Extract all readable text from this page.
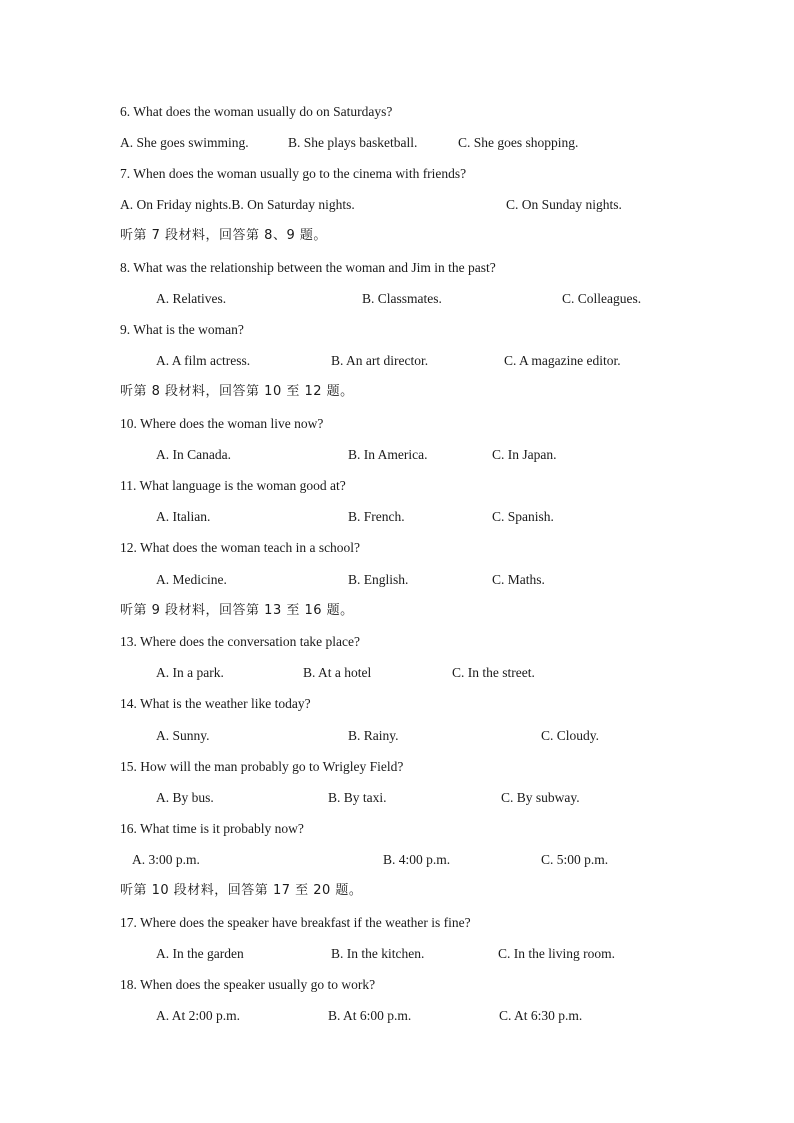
6. What does the woman usually do on Saturdays?
A. She goes swimming.	B. She plays basketball.	C. She goes shopping.
7. When does the woman usually go to the cinema with friends?
A. On Friday nights.B. On Saturday nights.	C. On Sunday nights.
听第 7 段材料，回答第 8、9 题。
8. What was the relationship between the woman and Jim in the past?
A. Relatives.	B. Classmates.	C. Colleagues.
9. What is the woman?
A. A film actress.	B. An art director.	C. A magazine editor.
听第 8 段材料，回答第 10 至 12 题。
10. Where does the woman live now?
A. In Canada.	B. In America.	C. In Japan.
11. What language is the woman good at?
A. Italian.	B. French.	C. Spanish.
12. What does the woman teach in a school?
A. Medicine.	B. English.	C. Maths.
听第 9 段材料，回答第 13 至 16 题。
13. Where does the conversation take place?
A. In a park.	B. At a hotel	C. In the street.
14. What is the weather like today?
A. Sunny.	B. Rainy.	C. Cloudy.
15. How will the man probably go to Wrigley Field?
A. By bus.	B. By taxi.	C. By subway.
16. What time is it probably now?
A. 3:00 p.m.	B. 4:00 p.m.	C. 5:00 p.m.
听第 10 段材料，回答第 17 至 20 题。
17. Where does the speaker have breakfast if the weather is fine?
A. In the garden	B. In the kitchen.	C. In the living room.
18. When does the speaker usually go to work?
A. At 2:00 p.m.	B. At 6:00 p.m.	C. At 6:30 p.m.
